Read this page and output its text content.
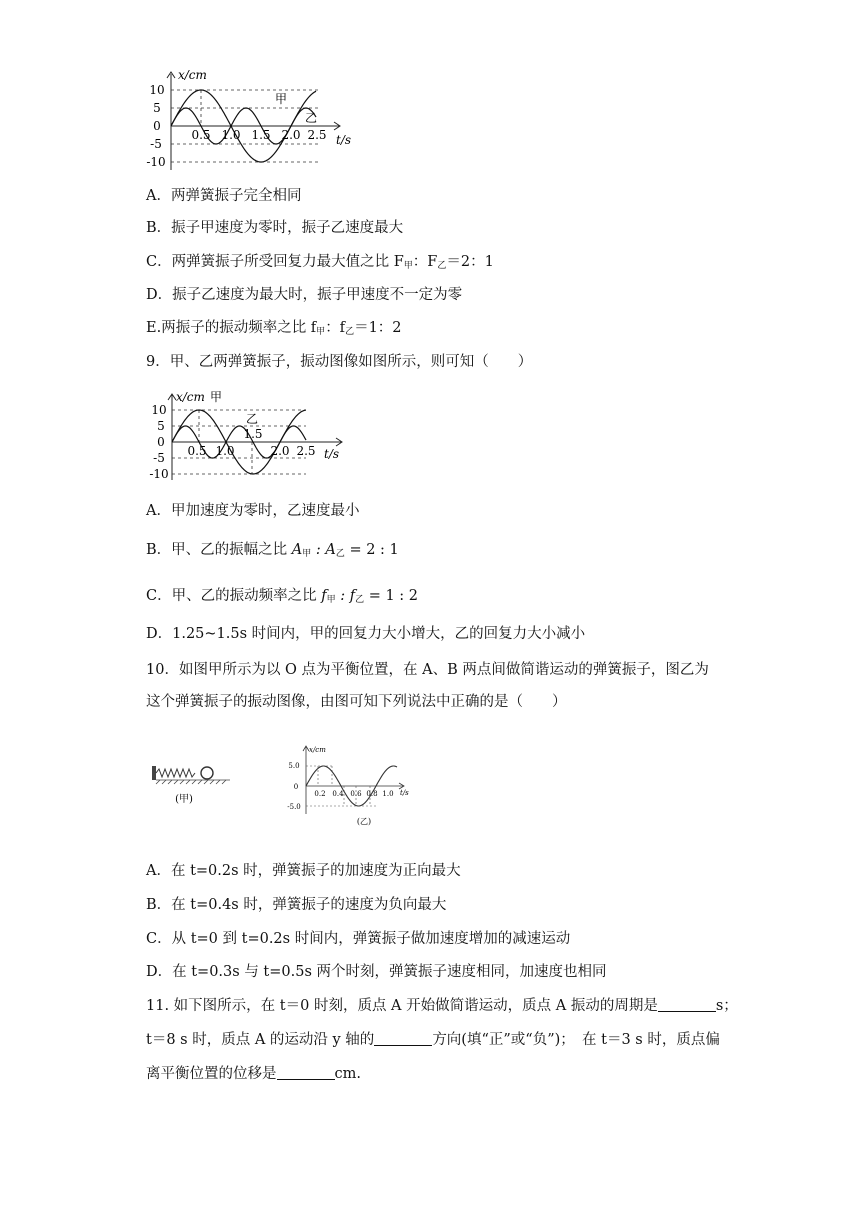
x/cm
10
5
0
-5
-10
0.5 1.0 1.5 2.0 2.5 t/s
甲
乙
A．两弹簧振子完全相同
B．振子甲速度为零时，振子乙速度最大
C．两弹簧振子所受回复力最大值之比 $F_甲$：$F_乙=2$：1
D．振子乙速度为最大时，振子甲速度不一定为零
E.两振子的振动频率之比 $f_甲$：$f_乙=1$：2
9．甲、乙两弹簧振子，振动图像如图所示，则可知（　　）
x/cm
10
5
0
-5
-10
0.5 1.0
1.5
2.0 2.5 t/s
甲
乙
A．甲加速度为零时，乙速度最小
B．甲、乙的振幅之比 $A_甲$ : $A_乙 = 2$ : 1
C．甲、乙的振动频率之比 $f_甲$ : $f_乙 = 1$ : 2
D．1.25~1.5s 时间内，甲的回复力大小增大，乙的回复力大小减小
10．如图甲所示为以 O 点为平衡位置，在 A、B 两点间做简谐运动的弹簧振子，图乙为
这个弹簧振子的振动图像，由图可知下列说法中正确的是（　　）
(甲)
x/cm
5.0
0
-5.0
0.2 0.4 0.6 0.8 1.0 t/s
(乙)
A．在 t=0.2s 时，弹簧振子的加速度为正向最大
B．在 t=0.4s 时，弹簧振子的速度为负向最大
C．从 t=0 到 t=0.2s 时间内，弹簧振子做加速度增加的减速运动
D．在 t=0.3s 与 t=0.5s 两个时刻，弹簧振子速度相同，加速度也相同
11. 如下图所示，在 t＝0 时刻，质点 A 开始做简谐运动，质点 A 振动的周期是	s；
t＝8 s 时，质点 A 的运动沿 y 轴的	方向(填“正”或“负”)；　在 t＝3 s 时，质点偏
离平衡位置的位移是	cm.
